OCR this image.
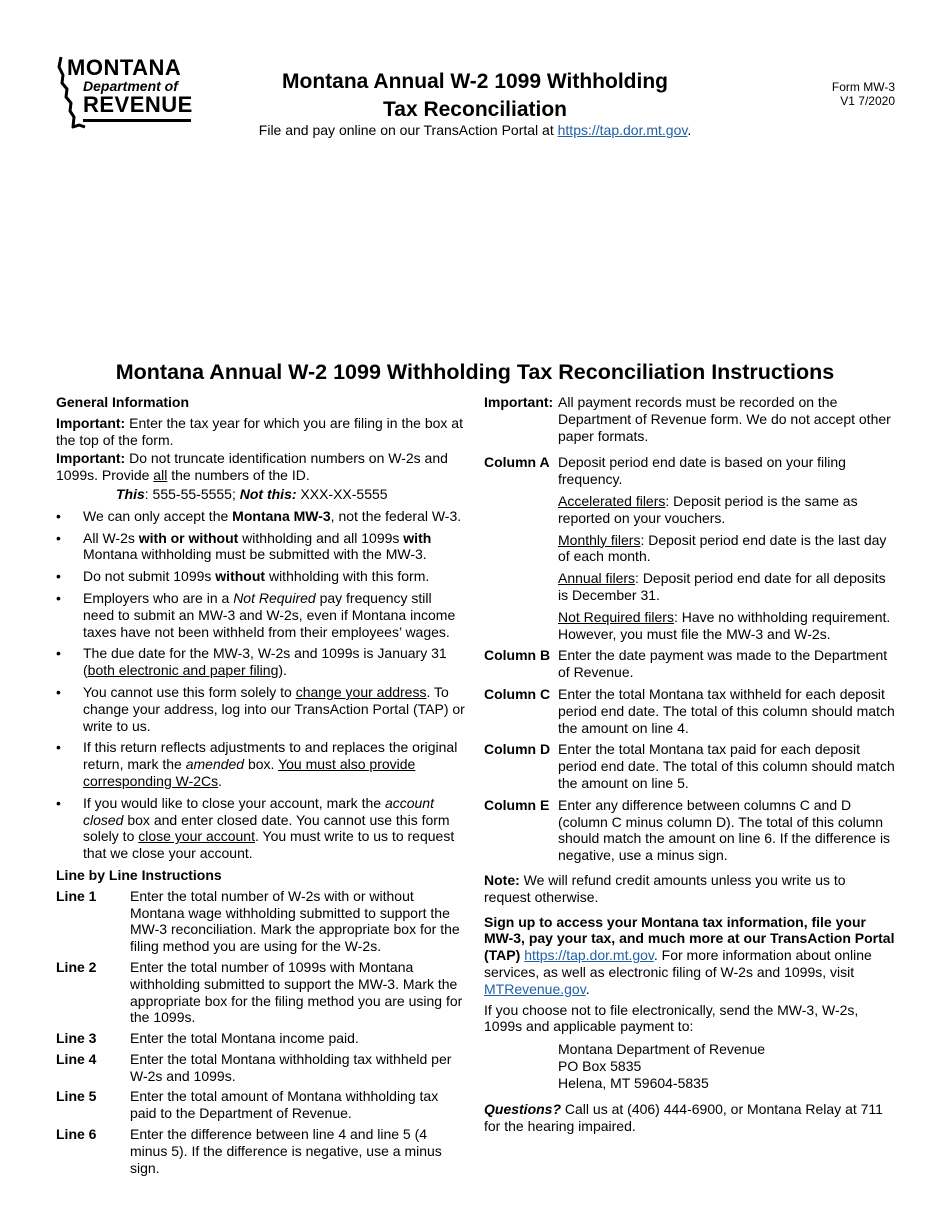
MONTANA
Department of
REVENUE
Montana Annual W-2 1099 Withholding
Tax Reconciliation
File and pay online on our TransAction Portal at https://tap.dor.mt.gov.
Form MW-3
V1 7/2020
Montana Annual W-2 1099 Withholding Tax Reconciliation Instructions

General Information

Important: Enter the tax year for which you are filing in the box at the top of the form.

Important: Do not truncate identification numbers on W-2s and 1099s. Provide all the numbers of the ID.

This: 555-55-5555; Not this: XXX-XX-5555

• We can only accept the Montana MW-3, not the federal W-3.
• All W-2s with or without withholding and all 1099s with Montana withholding must be submitted with the MW-3.
• Do not submit 1099s without withholding with this form.
• Employers who are in a Not Required pay frequency still need to submit an MW-3 and W-2s, even if Montana income taxes have not been withheld from their employees’ wages.
• The due date for the MW-3, W-2s and 1099s is January 31 (both electronic and paper filing).
• You cannot use this form solely to change your address. To change your address, log into our TransAction Portal (TAP) or write to us.
• If this return reflects adjustments to and replaces the original return, mark the amended box. You must also provide corresponding W-2Cs.
• If you would like to close your account, mark the account closed box and enter closed date. You cannot use this form solely to close your account. You must write to us to request that we close your account.

Line by Line Instructions

Line 1	Enter the total number of W-2s with or without Montana wage withholding submitted to support the MW-3 reconciliation. Mark the appropriate box for the filing method you are using for the W-2s.
Line 2	Enter the total number of 1099s with Montana withholding submitted to support the MW-3. Mark the appropriate box for the filing method you are using for the 1099s.
Line 3	Enter the total Montana income paid.
Line 4	Enter the total Montana withholding tax withheld per W-2s and 1099s.
Line 5	Enter the total amount of Montana withholding tax paid to the Department of Revenue.
Line 6	Enter the difference between line 4 and line 5 (4 minus 5). If the difference is negative, use a minus sign.
Important: All payment records must be recorded on the Department of Revenue form. We do not accept other paper formats.
Column A Deposit period end date is based on your filing frequency.

Accelerated filers: Deposit period is the same as reported on your vouchers.

Monthly filers: Deposit period end date is the last day of each month.

Annual filers: Deposit period end date for all deposits is December 31.

Not Required filers: Have no withholding requirement. However, you must file the MW-3 and W-2s.

Column B Enter the date payment was made to the Department of Revenue.
Column C Enter the total Montana tax withheld for each deposit period end date. The total of this column should match the amount on line 4.
Column D Enter the total Montana tax paid for each deposit period end date. The total of this column should match the amount on line 5.
Column E Enter any difference between columns C and D (column C minus column D). The total of this column should match the amount on line 6. If the difference is negative, use a minus sign.

Note: We will refund credit amounts unless you write us to request otherwise.

Sign up to access your Montana tax information, file your MW-3, pay your tax, and much more at our TransAction Portal (TAP) https://tap.dor.mt.gov. For more information about online services, as well as electronic filing of W-2s and 1099s, visit MTRevenue.gov.

If you choose not to file electronically, send the MW-3, W-2s, 1099s and applicable payment to:

Montana Department of Revenue
PO Box 5835
Helena, MT 59604-5835

Questions? Call us at (406) 444-6900, or Montana Relay at 711 for the hearing impaired.
